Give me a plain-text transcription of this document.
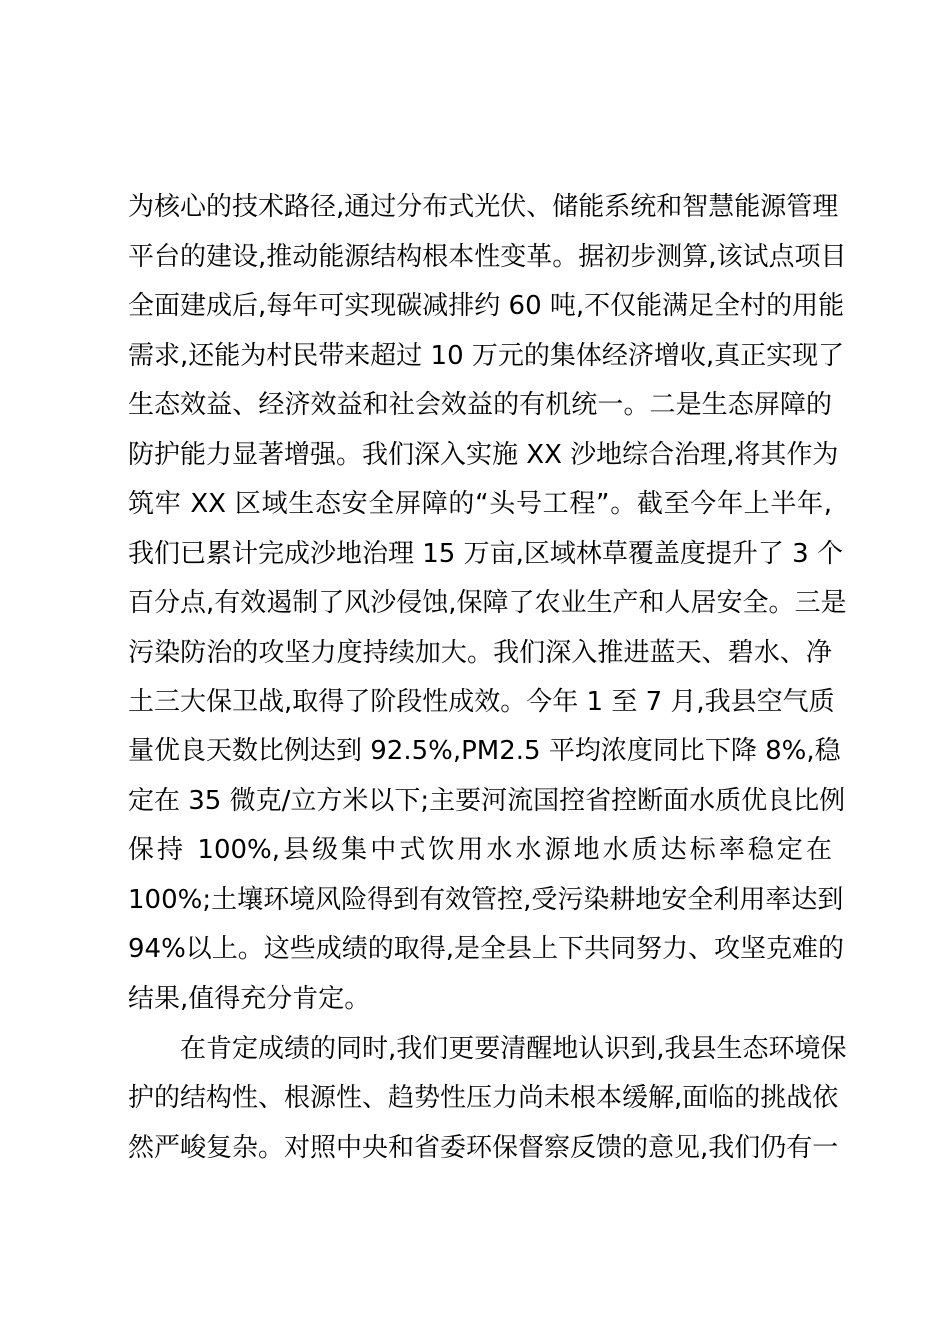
为核心的技术路径,通过分布式光伏、储能系统和智慧能源管理
平台的建设,推动能源结构根本性变革。据初步测算,该试点项目
全面建成后,每年可实现碳减排约 60 吨,不仅能满足全村的用能
需求,还能为村民带来超过 10 万元的集体经济增收,真正实现了
生态效益、经济效益和社会效益的有机统一。二是生态屏障的
防护能力显著增强。我们深入实施 XX 沙地综合治理,将其作为
筑牢 XX 区域生态安全屏障的“头号工程”。截至今年上半年,
我们已累计完成沙地治理 15 万亩,区域林草覆盖度提升了 3 个
百分点,有效遏制了风沙侵蚀,保障了农业生产和人居安全。三是
污染防治的攻坚力度持续加大。我们深入推进蓝天、碧水、净
土三大保卫战,取得了阶段性成效。今年 1 至 7 月,我县空气质
量优良天数比例达到 92.5%,PM2.5 平均浓度同比下降 8%,稳
定在 35 微克/立方米以下;主要河流国控省控断面水质优良比例
保持 100%,县级集中式饮用水水源地水质达标率稳定在
100%;土壤环境风险得到有效管控,受污染耕地安全利用率达到
94%以上。这些成绩的取得,是全县上下共同努力、攻坚克难的
结果,值得充分肯定。
在肯定成绩的同时,我们更要清醒地认识到,我县生态环境保
护的结构性、根源性、趋势性压力尚未根本缓解,面临的挑战依
然严峻复杂。对照中央和省委环保督察反馈的意见,我们仍有一
